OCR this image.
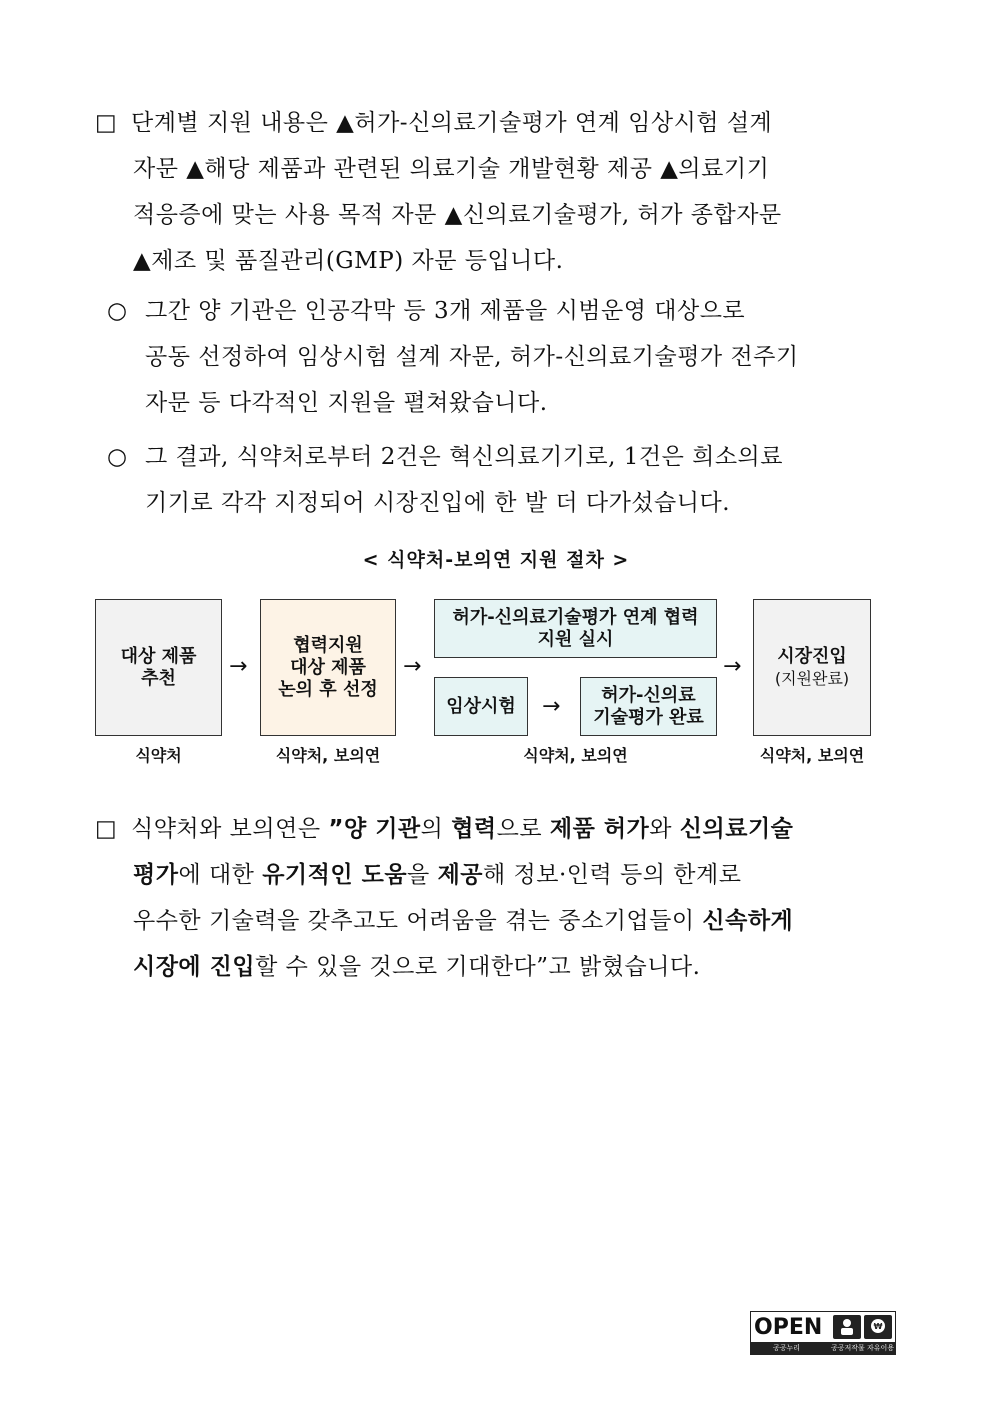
□ 단계별 지원 내용은 ▲허가-신의료기술평가 연계 임상시험 설계
자문 ▲해당 제품과 관련된 의료기술 개발현황 제공 ▲의료기기
적응증에 맞는 사용 목적 자문 ▲신의료기술평가, 허가 종합자문
▲제조 및 품질관리(GMP) 자문 등입니다.
○ 그간 양 기관은 인공각막 등 3개 제품을 시범운영 대상으로
공동 선정하여 임상시험 설계 자문, 허가-신의료기술평가 전주기
자문 등 다각적인 지원을 펼쳐왔습니다.
○ 그 결과, 식약처로부터 2건은 혁신의료기기로, 1건은 희소의료
기기로 각각 지정되어 시장진입에 한 발 더 다가섰습니다.
< 식약처-보의연 지원 절차 >
대상 제품
추천	→
협력지원
대상 제품
논의 후 선정
→
허가-신의료기술평가 연계 협력
지원 실시
임상시험 →	허가-신의료
기술평가 완료
→ 시장진입
(지원완료)
식약처	식약처, 보의연	식약처, 보의연	식약처, 보의연
□ 식약처와 보의연은 ”양 기관의 협력으로 제품 허가와 신의료기술
평가에 대한 유기적인 도움을 제공해 정보·인력 등의 한계로
우수한 기술력을 갖추고도 어려움을 겪는 중소기업들이 신속하게
시장에 진입할 수 있을 것으로 기대한다”고 밝혔습니다.
OPEN	₩
공공누리	공공저작물 자유이용허락
